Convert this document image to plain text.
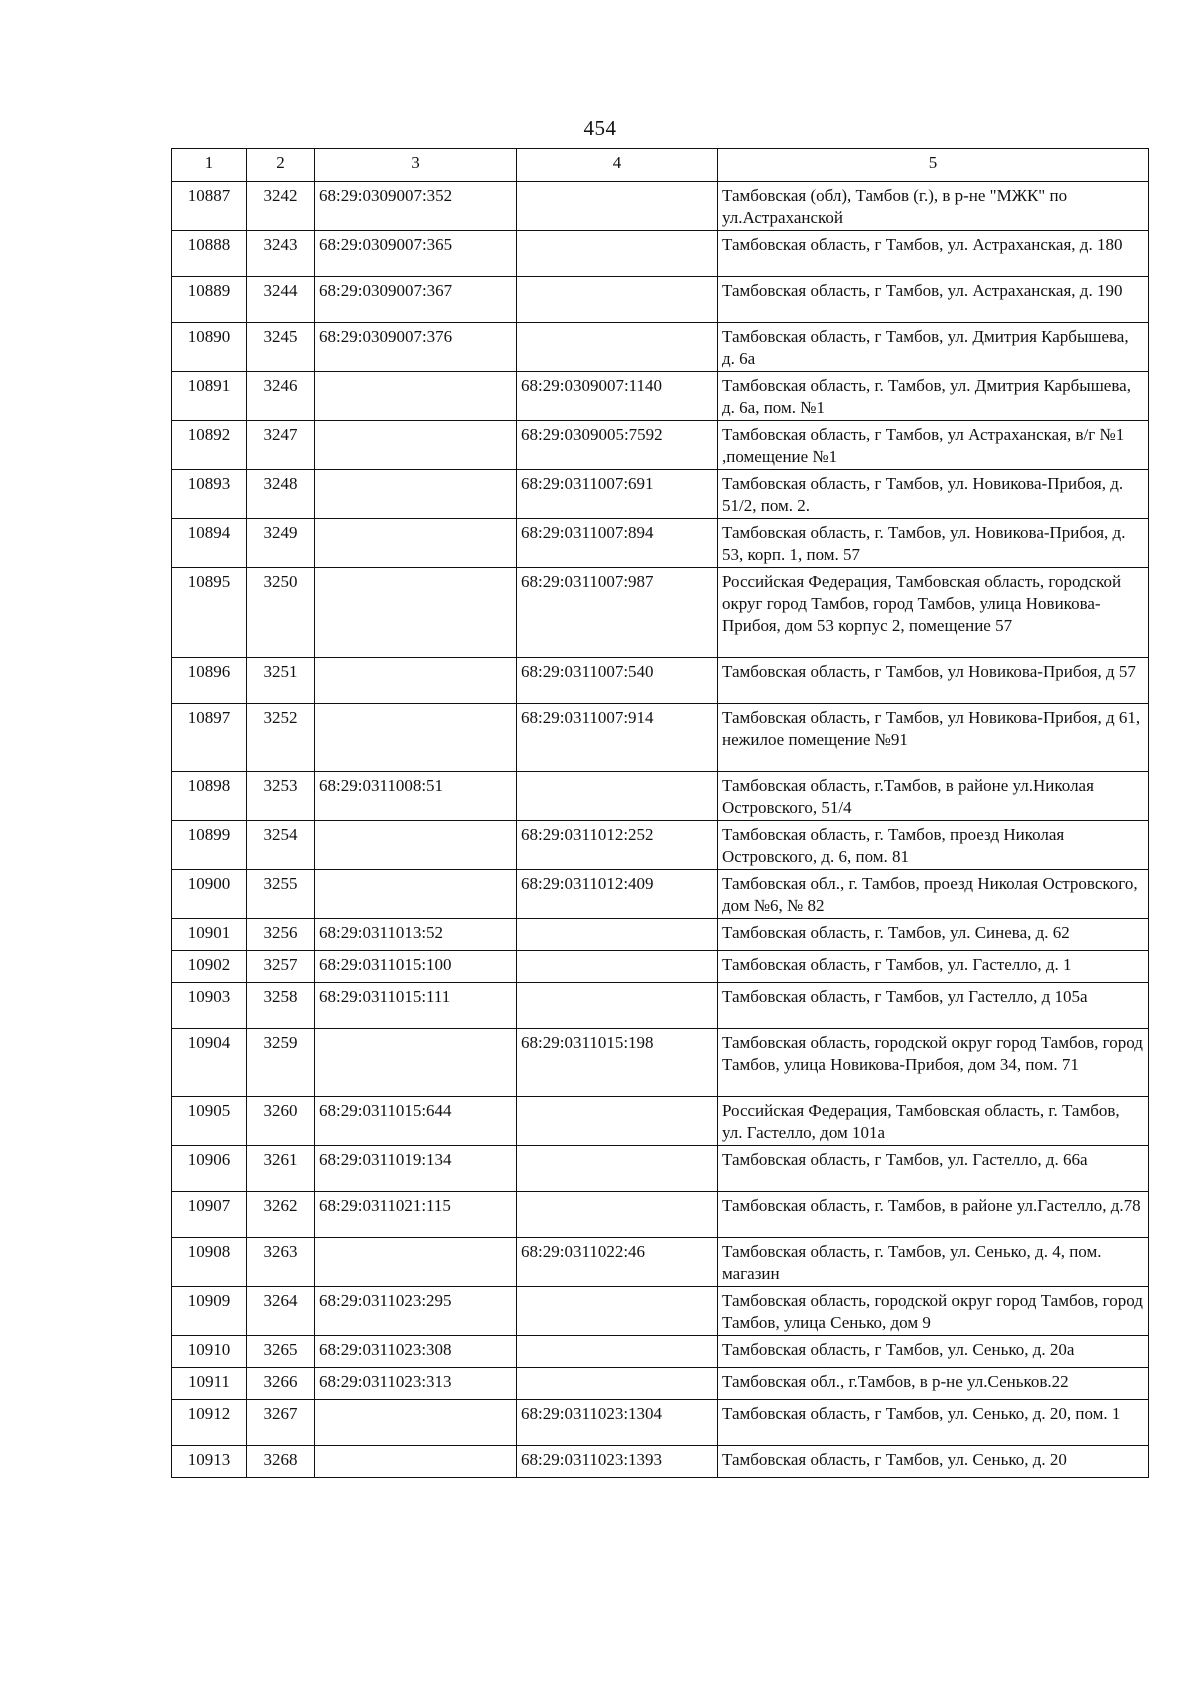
454
1	2	3	4	5
10887	3242	68:29:0309007:352		Тамбовская (обл), Тамбов (г.), в р-не "МЖК" по ул.Астраханской
10888	3243	68:29:0309007:365		Тамбовская область, г Тамбов, ул. Астраханская, д. 180
10889	3244	68:29:0309007:367		Тамбовская область, г Тамбов, ул. Астраханская, д. 190
10890	3245	68:29:0309007:376		Тамбовская область, г Тамбов, ул. Дмитрия Карбышева, д. 6а
10891	3246		68:29:0309007:1140	Тамбовская область, г. Тамбов, ул. Дмитрия Карбышева, д. 6а, пом. №1
10892	3247		68:29:0309005:7592	Тамбовская область, г Тамбов, ул Астраханская, в/г №1 ,помещение №1
10893	3248		68:29:0311007:691	Тамбовская область, г Тамбов, ул. Новикова-Прибоя, д. 51/2, пом. 2.
10894	3249		68:29:0311007:894	Тамбовская область, г. Тамбов, ул. Новикова-Прибоя, д. 53, корп. 1, пом. 57
10895	3250		68:29:0311007:987	Российская Федерация, Тамбовская область, городской округ город Тамбов, город Тамбов, улица Новикова-Прибоя, дом 53 корпус 2, помещение 57
10896	3251		68:29:0311007:540	Тамбовская область, г Тамбов, ул Новикова-Прибоя, д 57
10897	3252		68:29:0311007:914	Тамбовская область, г Тамбов, ул Новикова-Прибоя, д 61, нежилое помещение №91
10898	3253	68:29:0311008:51		Тамбовская область, г.Тамбов, в районе ул.Николая Островского, 51/4
10899	3254		68:29:0311012:252	Тамбовская область, г. Тамбов, проезд Николая Островского, д. 6, пом. 81
10900	3255		68:29:0311012:409	Тамбовская обл., г. Тамбов, проезд Николая Островского, дом №6, № 82
10901	3256	68:29:0311013:52		Тамбовская область, г. Тамбов, ул. Синева, д. 62
10902	3257	68:29:0311015:100		Тамбовская область, г Тамбов, ул. Гастелло, д. 1
10903	3258	68:29:0311015:111		Тамбовская область, г Тамбов, ул Гастелло, д 105а
10904	3259		68:29:0311015:198	Тамбовская область, городской округ город Тамбов, город Тамбов, улица Новикова-Прибоя, дом 34, пом. 71
10905	3260	68:29:0311015:644		Российская Федерация, Тамбовская область, г. Тамбов, ул. Гастелло, дом 101а
10906	3261	68:29:0311019:134		Тамбовская область, г Тамбов, ул. Гастелло, д. 66а
10907	3262	68:29:0311021:115		Тамбовская область, г. Тамбов, в районе ул.Гастелло, д.78
10908	3263		68:29:0311022:46	Тамбовская область, г. Тамбов, ул. Сенько, д. 4, пом. магазин
10909	3264	68:29:0311023:295		Тамбовская область, городской округ город Тамбов, город Тамбов, улица Сенько, дом 9
10910	3265	68:29:0311023:308		Тамбовская область, г Тамбов, ул. Сенько, д. 20а
10911	3266	68:29:0311023:313		Тамбовская обл., г.Тамбов, в р-не ул.Сеньков.22
10912	3267		68:29:0311023:1304	Тамбовская область, г Тамбов, ул. Сенько, д. 20, пом. 1
10913	3268		68:29:0311023:1393	Тамбовская область, г Тамбов, ул. Сенько, д. 20
